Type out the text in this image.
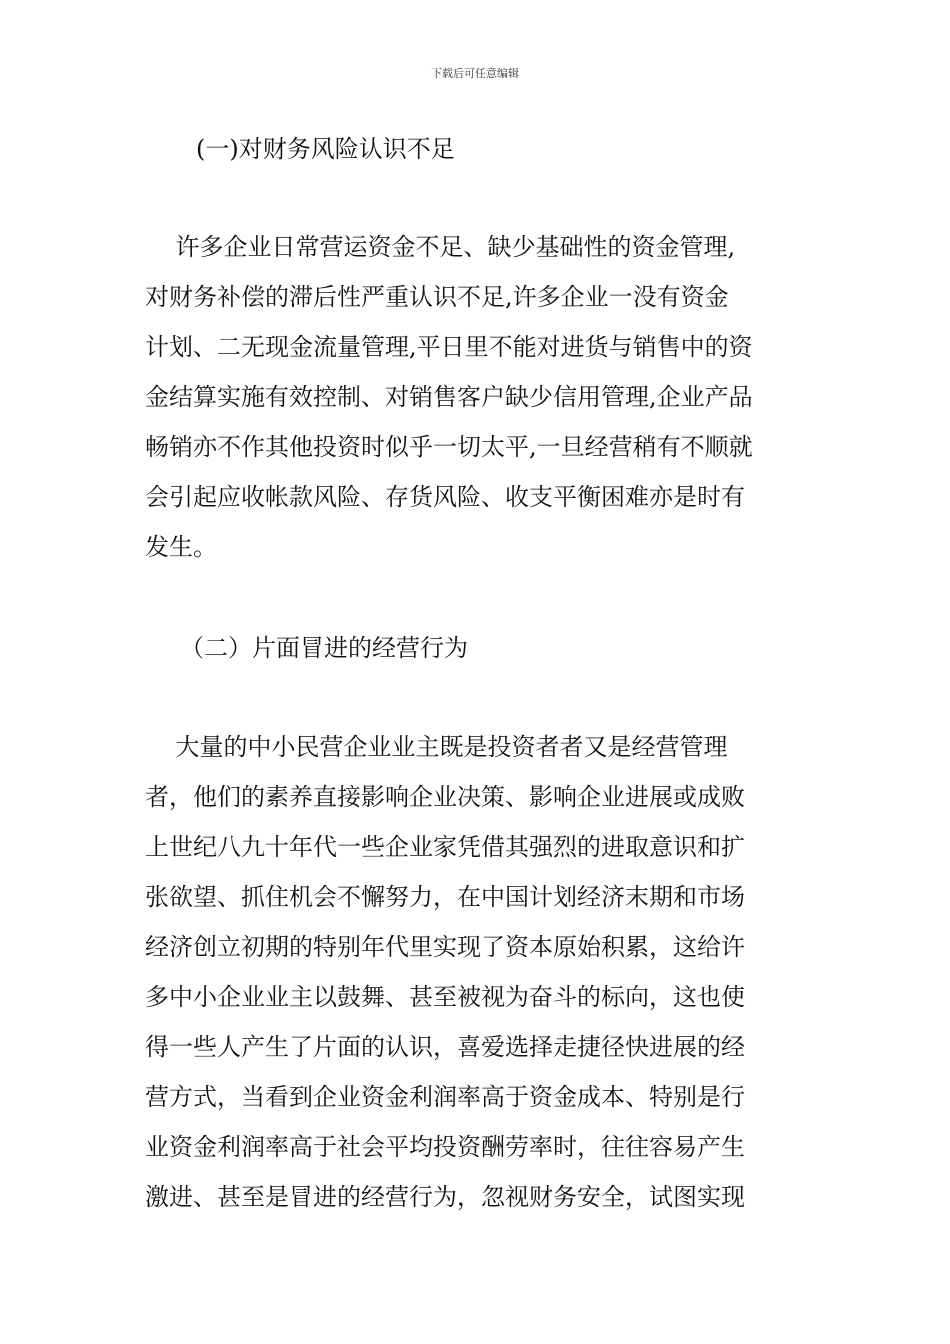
下载后可任意编辑
(一)对财务风险认识不足
许多企业日常营运资金不足、缺少基础性的资金管理,
对财务补偿的滞后性严重认识不足,许多企业一没有资金
计划、二无现金流量管理,平日里不能对进货与销售中的资
金结算实施有效控制、对销售客户缺少信用管理,企业产品
畅销亦不作其他投资时似乎一切太平,一旦经营稍有不顺就
会引起应收帐款风险、存货风险、收支平衡困难亦是时有
发生。
（二）片面冒进的经营行为
大量的中小民营企业业主既是投资者者又是经营管理
者，他们的素养直接影响企业决策、影响企业进展或成败
上世纪八九十年代一些企业家凭借其强烈的进取意识和扩
张欲望、抓住机会不懈努力，在中国计划经济末期和市场
经济创立初期的特别年代里实现了资本原始积累，这给许
多中小企业业主以鼓舞、甚至被视为奋斗的标向，这也使
得一些人产生了片面的认识，喜爱选择走捷径快进展的经
营方式，当看到企业资金利润率高于资金成本、特别是行
业资金利润率高于社会平均投资酬劳率时，往往容易产生
激进、甚至是冒进的经营行为，忽视财务安全，试图实现
